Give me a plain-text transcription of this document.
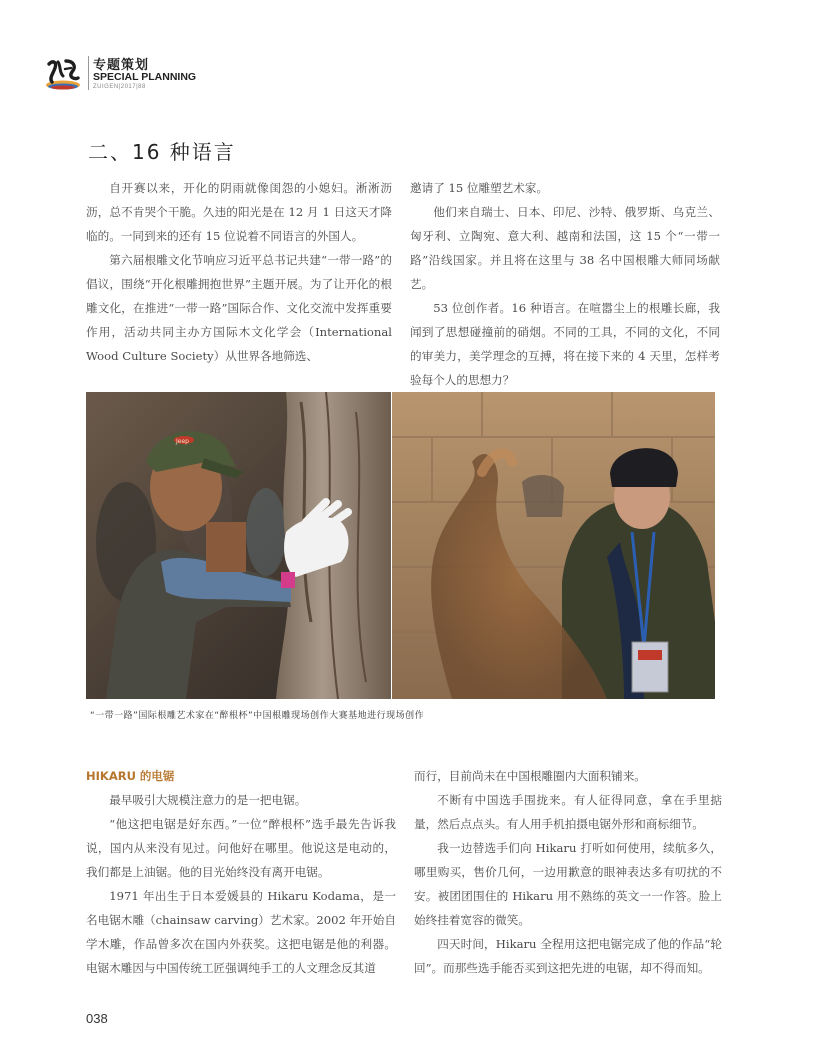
专题策划
SPECIAL PLANNING
ZUIGEN|2017|88
二、16 种语言

自开赛以来，开化的阴雨就像闺怨的小媳妇。淅淅沥沥，总不肯哭个干脆。久违的阳光是在 12 月 1 日这天才降临的。一同到来的还有 15 位说着不同语言的外国人。

第六届根雕文化节响应习近平总书记共建“一带一路”的倡议，围绕“开化根雕拥抱世界”主题开展。为了让开化的根雕文化，在推进“一带一路”国际合作、文化交流中发挥重要作用，活动共同主办方国际木文化学会（International Wood Culture Society）从世界各地筛选、

邀请了 15 位雕塑艺术家。

他们来自瑞士、日本、印尼、沙特、俄罗斯、乌克兰、匈牙利、立陶宛、意大利、越南和法国，这 15 个“一带一路”沿线国家。并且将在这里与 38 名中国根雕大师同场献艺。

53 位创作者。16 种语言。在喧嚣尘上的根雕长廊，我闻到了思想碰撞前的硝烟。不同的工具，不同的文化，不同的审美力，美学理念的互搏，将在接下来的 4 天里，怎样考验每个人的思想力？

Jeep
“一带一路”国际根雕艺术家在“醉根杯”中国根雕现场创作大赛基地进行现场创作

HIKARU 的电锯

最早吸引大规模注意力的是一把电锯。

“他这把电锯是好东西。”一位“醉根杯”选手最先告诉我说，国内从来没有见过。问他好在哪里。他说这是电动的，我们都是上油锯。他的目光始终没有离开电锯。

1971 年出生于日本爱媛县的 Hikaru Kodama，是一名电锯木雕（chainsaw carving）艺术家。2002 年开始自学木雕，作品曾多次在国内外获奖。这把电锯是他的利器。电锯木雕因与中国传统工匠强调纯手工的人文理念反其道

而行，目前尚未在中国根雕圈内大面积铺来。

不断有中国选手围拢来。有人征得同意，拿在手里掂量，然后点点头。有人用手机拍摄电锯外形和商标细节。

我一边替选手们向 Hikaru 打听如何使用，续航多久，哪里购买，售价几何，一边用歉意的眼神表达多有叨扰的不安。被团团围住的 Hikaru 用不熟练的英文一一作答。脸上始终挂着宽容的微笑。

四天时间，Hikaru 全程用这把电锯完成了他的作品“轮回”。而那些选手能否买到这把先进的电锯，却不得而知。

038
